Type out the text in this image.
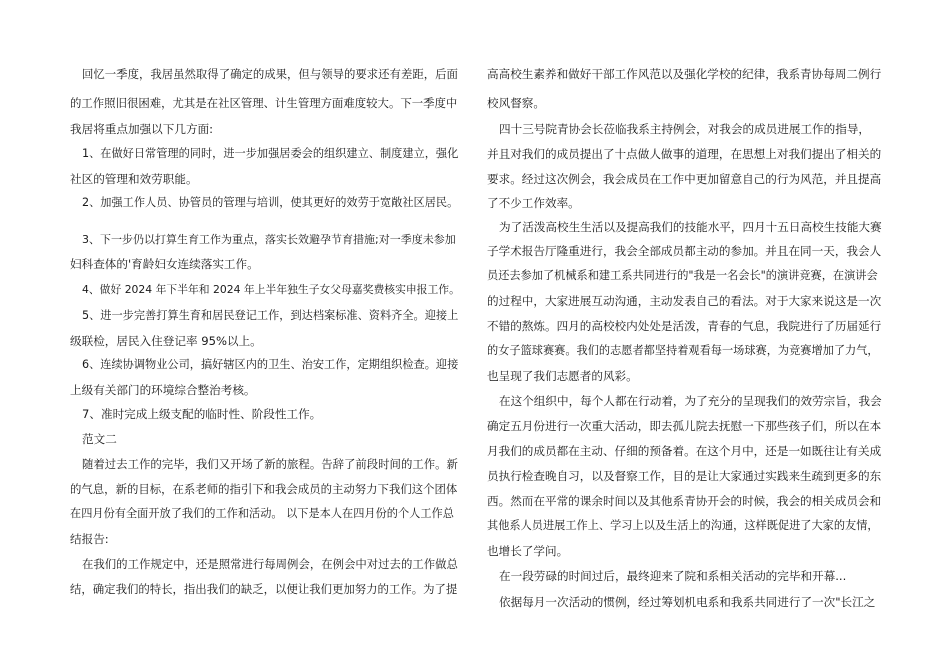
回忆一季度，我居虽然取得了确定的成果，但与领导的要求还有差距，后面
的工作照旧很困难，尤其是在社区管理、计生管理方面难度较大。下一季度中
我居将重点加强以下几方面:
1、在做好日常管理的同时，进一步加强居委会的组织建立、制度建立，强化
社区的管理和效劳职能。
2、加强工作人员、协管员的管理与培训，使其更好的效劳于宽敞社区居民。
3、下一步仍以打算生育工作为重点，落实长效避孕节育措施;对一季度未参加
妇科查体的'育龄妇女连续落实工作。
4、做好 2024 年下半年和 2024 年上半年独生子女父母嘉奖费核实申报工作。
5、进一步完善打算生育和居民登记工作，到达档案标准、资料齐全。迎接上
级联检，居民入住登记率 95%以上。
6、连续协调物业公司，搞好辖区内的卫生、治安工作，定期组织检查。迎接
上级有关部门的环境综合整治考核。
7、准时完成上级支配的临时性、阶段性工作。
范文二
随着过去工作的完毕，我们又开场了新的旅程。告辞了前段时间的工作。新
的气息，新的目标，在系老师的指引下和我会成员的主动努力下我们这个团体
在四月份有全面开放了我们的工作和活动。 以下是本人在四月份的个人工作总
结报告:
在我们的工作规定中，还是照常进行每周例会，在例会中对过去的工作做总
结，确定我们的特长，指出我们的缺乏，以便让我们更加努力的工作。为了提
高高校生素养和做好干部工作风范以及强化学校的纪律，我系青协每周二例行
校风督察。
四十三号院青协会长莅临我系主持例会，对我会的成员进展工作的指导，
并且对我们的成员提出了十点做人做事的道理，在思想上对我们提出了相关的
要求。经过这次例会，我会成员在工作中更加留意自己的行为风范，并且提高
了不少工作效率。
为了活泼高校生生活以及提高我们的技能水平，四月十五日高校生技能大赛
子学术报告厅隆重进行，我会全部成员都主动的参加。并且在同一天，我会人
员还去参加了机械系和建工系共同进行的"我是一名会长"的演讲竞赛，在演讲会
的过程中，大家进展互动沟通，主动发表自己的看法。对于大家来说这是一次
不错的熬炼。四月的高校校内处处是活泼，青春的气息，我院进行了历届延行
的女子篮球赛赛。我们的志愿者都坚持着观看每一场球赛，为竞赛增加了力气，
也呈现了我们志愿者的风彩。
在这个组织中，每个人都在行动着，为了充分的呈现我们的效劳宗旨，我会
确定五月份进行一次重大活动，即去孤儿院去抚慰一下那些孩子们，所以在本
月我们的成员都在主动、仔细的预备着。在这个月中，还是一如既往让有关成
员执行检查晚自习，以及督察工作，目的是让大家通过实践来生疏到更多的东
西。然而在平常的课余时间以及其他系青协开会的时候，我会的相关成员会和
其他系人员进展工作上、学习上以及生活上的沟通，这样既促进了大家的友情，
也增长了学问。
在一段劳碌的时间过后，最终迎来了院和系相关活动的完毕和开幕...
依据每月一次活动的惯例，经过筹划机电系和我系共同进行了一次"长江之
